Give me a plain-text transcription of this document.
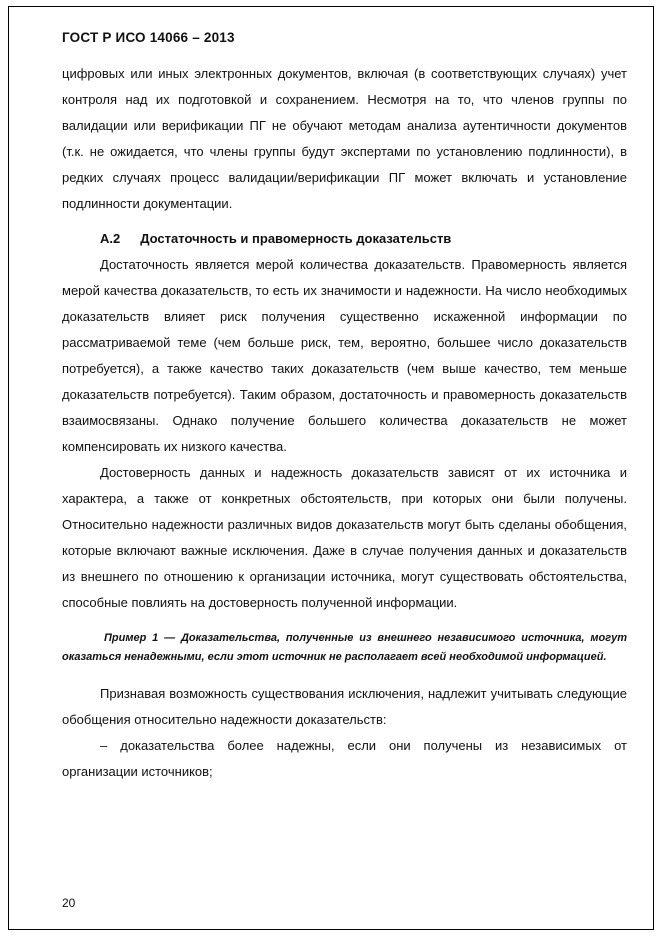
ГОСТ Р ИСО 14066 – 2013

цифровых или иных электронных документов, включая (в соответствующих случаях) учет контроля над их подготовкой и сохранением. Несмотря на то, что членов группы по валидации или верификации ПГ не обучают методам анализа аутентичности документов (т.к. не ожидается, что члены группы будут экспертами по установлению подлинности), в редких случаях процесс валидации/верификации ПГ может включать и установление подлинности документации.

А.2 Достаточность и правомерность доказательств

Достаточность является мерой количества доказательств. Правомерность является мерой качества доказательств, то есть их значимости и надежности. На число необходимых доказательств влияет риск получения существенно искаженной информации по рассматриваемой теме (чем больше риск, тем, вероятно, большее число доказательств потребуется), а также качество таких доказательств (чем выше качество, тем меньше доказательств потребуется). Таким образом, достаточность и правомерность доказательств взаимосвязаны. Однако получение большего количества доказательств не может компенсировать их низкого качества.

Достоверность данных и надежность доказательств зависят от их источника и характера, а также от конкретных обстоятельств, при которых они были получены. Относительно надежности различных видов доказательств могут быть сделаны обобщения, которые включают важные исключения. Даже в случае получения данных и доказательств из внешнего по отношению к организации источника, могут существовать обстоятельства, способные повлиять на достоверность полученной информации.

Пример 1 — Доказательства, полученные из внешнего независимого источника, могут оказаться ненадежными, если этот источник не располагает всей необходимой информацией.

Признавая возможность существования исключения, надлежит учитывать следующие обобщения относительно надежности доказательств:

– доказательства более надежны, если они получены из независимых от организации источников;

20
